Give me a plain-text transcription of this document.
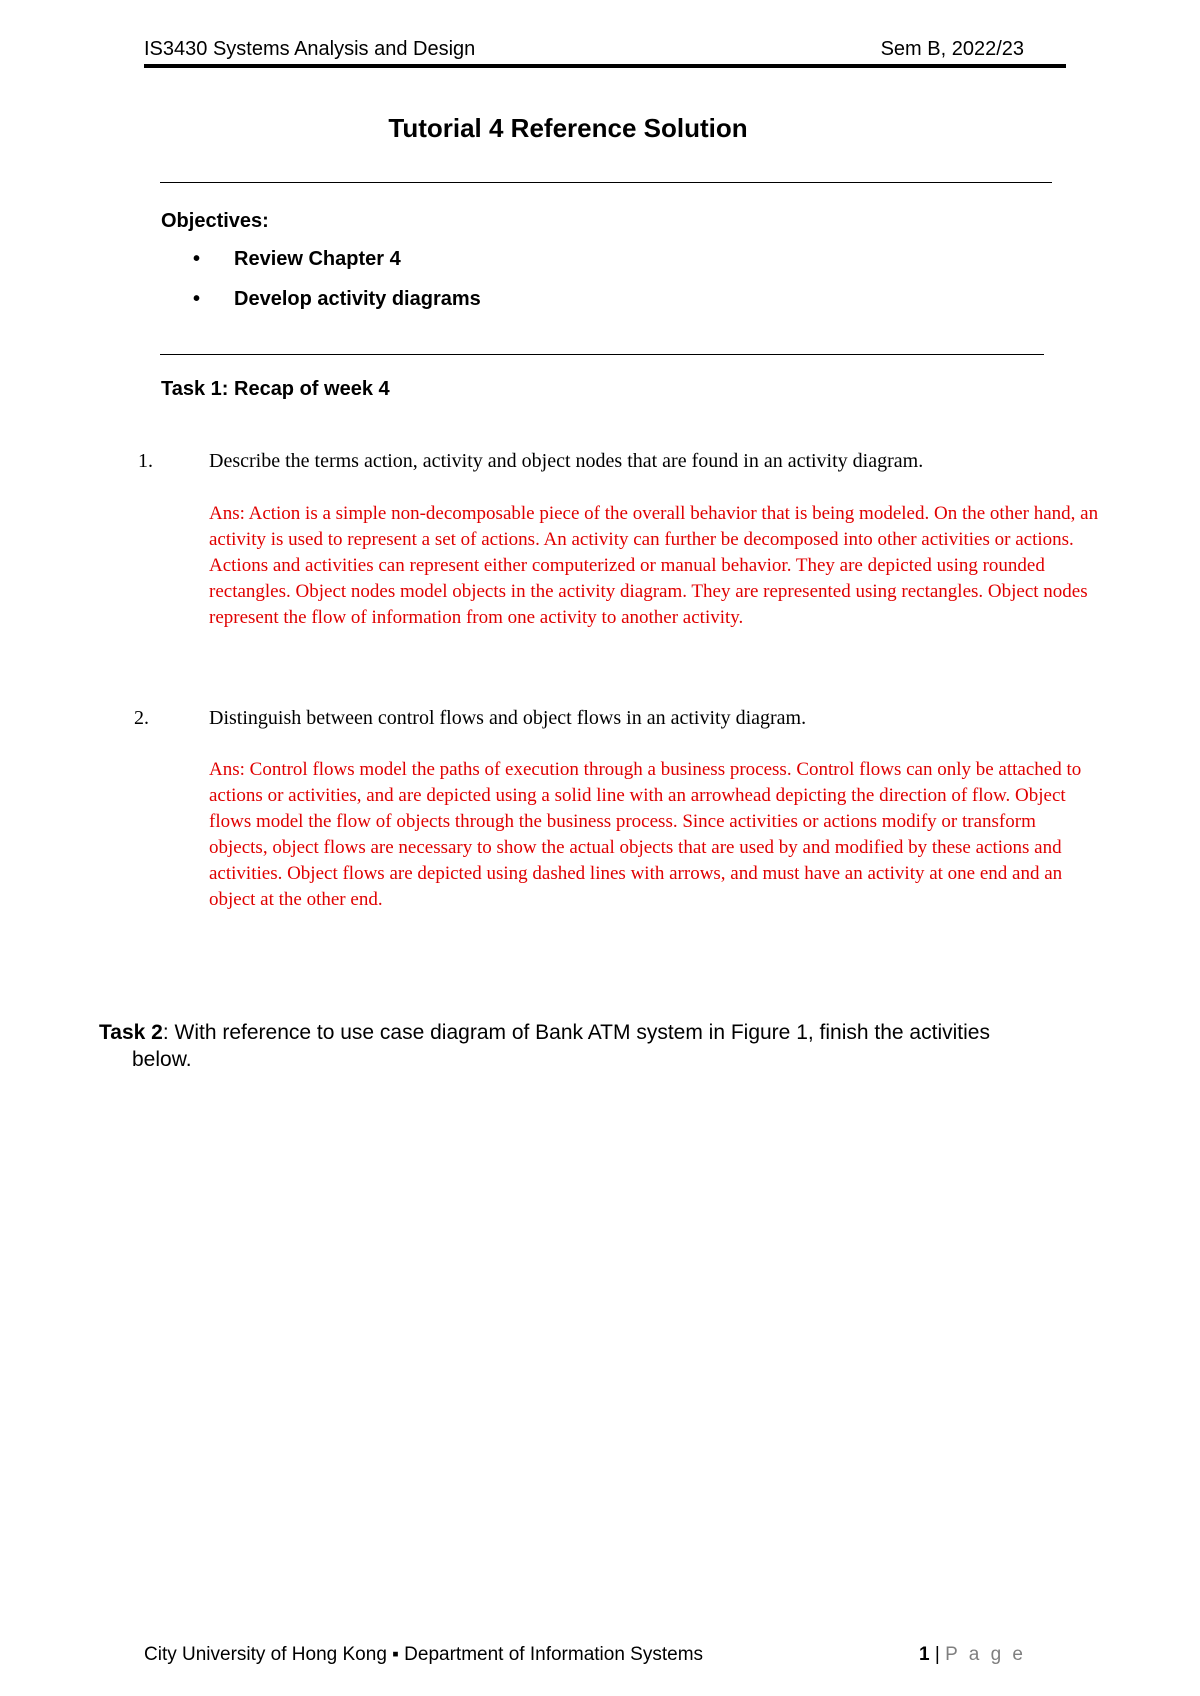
IS3430 Systems Analysis and Design	Sem B, 2022/23
Tutorial 4 Reference Solution
Objectives:
• Review Chapter 4
• Develop activity diagrams
Task 1: Recap of week 4
1.	Describe the terms action, activity and object nodes that are found in an activity diagram.

Ans: Action is a simple non-decomposable piece of the overall behavior that is being modeled. On the other hand, an activity is used to represent a set of actions. An activity can further be decomposed into other activities or actions. Actions and activities can represent either computerized or manual behavior. They are depicted using rounded rectangles. Object nodes model objects in the activity diagram. They are represented using rectangles. Object nodes represent the flow of information from one activity to another activity.

2.	Distinguish between control flows and object flows in an activity diagram.

Ans: Control flows model the paths of execution through a business process. Control flows can only be attached to actions or activities, and are depicted using a solid line with an arrowhead depicting the direction of flow. Object flows model the flow of objects through the business process. Since activities or actions modify or transform objects, object flows are necessary to show the actual objects that are used by and modified by these actions and activities. Object flows are depicted using dashed lines with arrows, and must have an activity at one end and an object at the other end.

Task 2: With reference to use case diagram of Bank ATM system in Figure 1, finish the activities
below.
City University of Hong Kong ▪ Department of Information Systems	1 | P a g e
